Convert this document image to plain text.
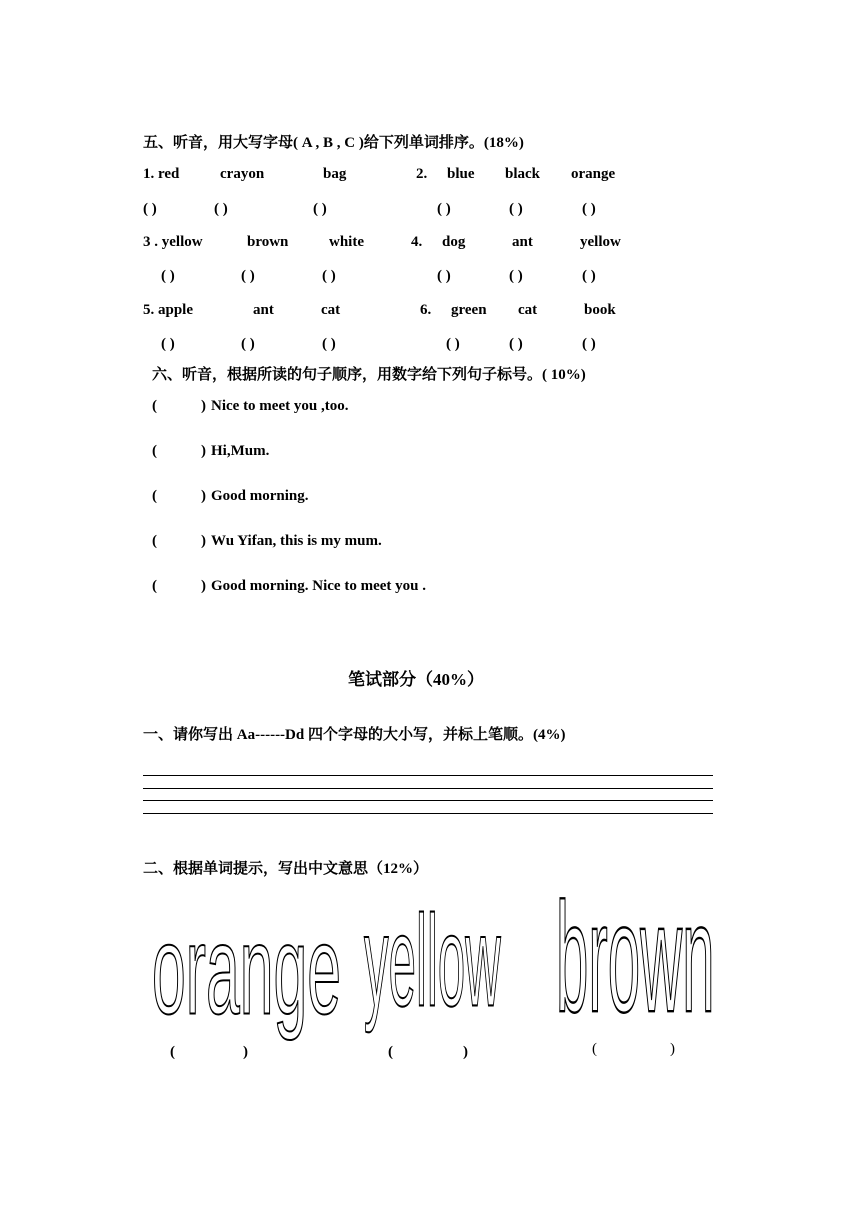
五、听音，用大写字母( A , B , C )给下列单词排序。(18%)
1. red	crayon	bag	2. blue black orange
( )	( )	( )	( )	( )	( )
3 . yellow	brown	white	4. dog	ant	yellow
( )	( )	( )	( )	( )	( )
5. apple	ant	cat	6. green cat	book
( )	( )	( )	( )	( )	( )
六、听音，根据所读的句子顺序，用数字给下列句子标号。( 10%)
(	) Nice to meet you ,too.
(	) Hi,Mum.
(	) Good morning.
(	) Wu Yifan, this is my mum.
(	) Good morning. Nice to meet you .
笔试部分（40%）
一、请你写出 Aa------Dd 四个字母的大小写，并标上笔顺。(4%)
二、根据单词提示，写出中文意思（12%）
orange yellow brown
(	)	(	)	(	)
